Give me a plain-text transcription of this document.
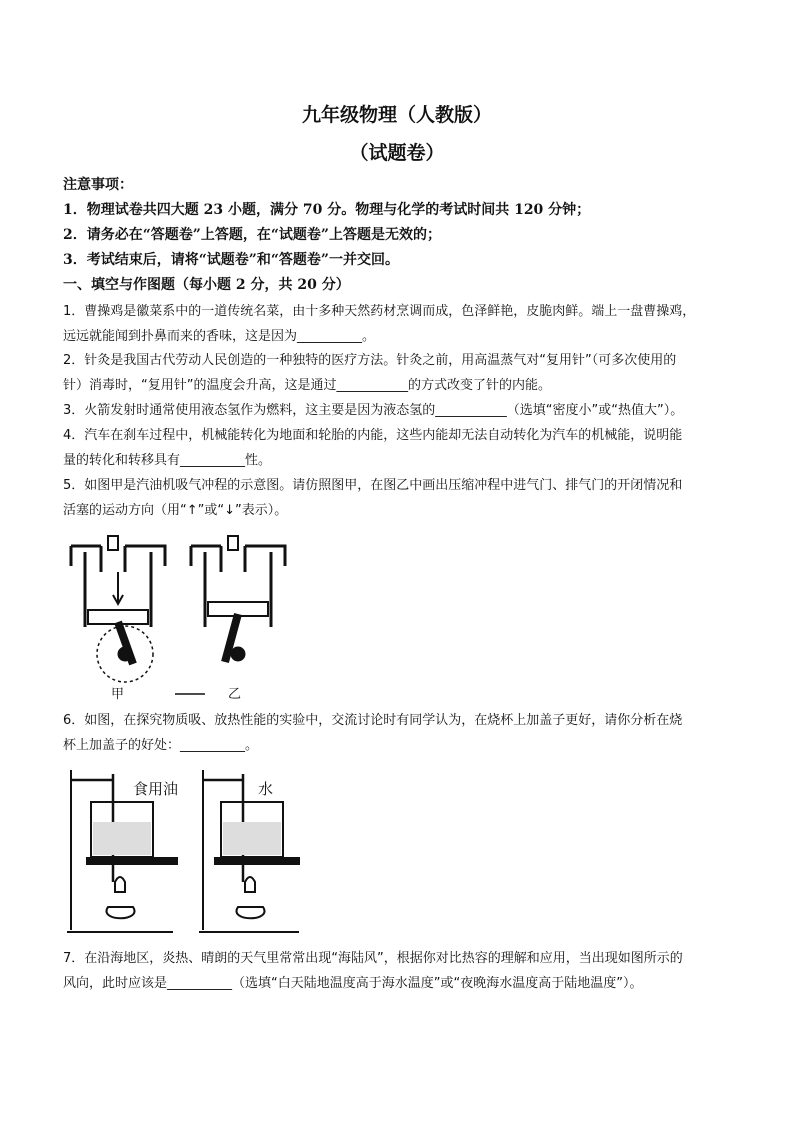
九年级物理（人教版）
（试题卷）
注意事项：
1．物理试卷共四大题 23 小题，满分 70 分。物理与化学的考试时间共 120 分钟；
2．请务必在“答题卷”上答题，在“试题卷”上答题是无效的；
3．考试结束后，请将“试题卷”和“答题卷”一并交回。
一、填空与作图题（每小题 2 分，共 20 分）
1．曹操鸡是徽菜系中的一道传统名菜，由十多种天然药材烹调而成，色泽鲜艳，皮脆肉鲜。端上一盘曹操鸡，
远远就能闻到扑鼻而来的香味，这是因为__________。
2．针灸是我国古代劳动人民创造的一种独特的医疗方法。针灸之前，用高温蒸气对“复用针”（可多次使用的
针）消毒时，“复用针”的温度会升高，这是通过___________的方式改变了针的内能。
3．火箭发射时通常使用液态氢作为燃料，这主要是因为液态氢的___________（选填“密度小”或“热值大”）。
4．汽车在刹车过程中，机械能转化为地面和轮胎的内能，这些内能却无法自动转化为汽车的机械能，说明能
量的转化和转移具有__________性。
5．如图甲是汽油机吸气冲程的示意图。请仿照图甲，在图乙中画出压缩冲程中进气门、排气门的开闭情况和
活塞的运动方向（用“↑”或“↓”表示）。
甲	乙
6．如图，在探究物质吸、放热性能的实验中，交流讨论时有同学认为，在烧杯上加盖子更好，请你分析在烧
杯上加盖子的好处：__________。
食用油	水
7．在沿海地区，炎热、晴朗的天气里常常出现“海陆风”，根据你对比热容的理解和应用，当出现如图所示的
风向，此时应该是__________（选填“白天陆地温度高于海水温度”或“夜晚海水温度高于陆地温度”）。
